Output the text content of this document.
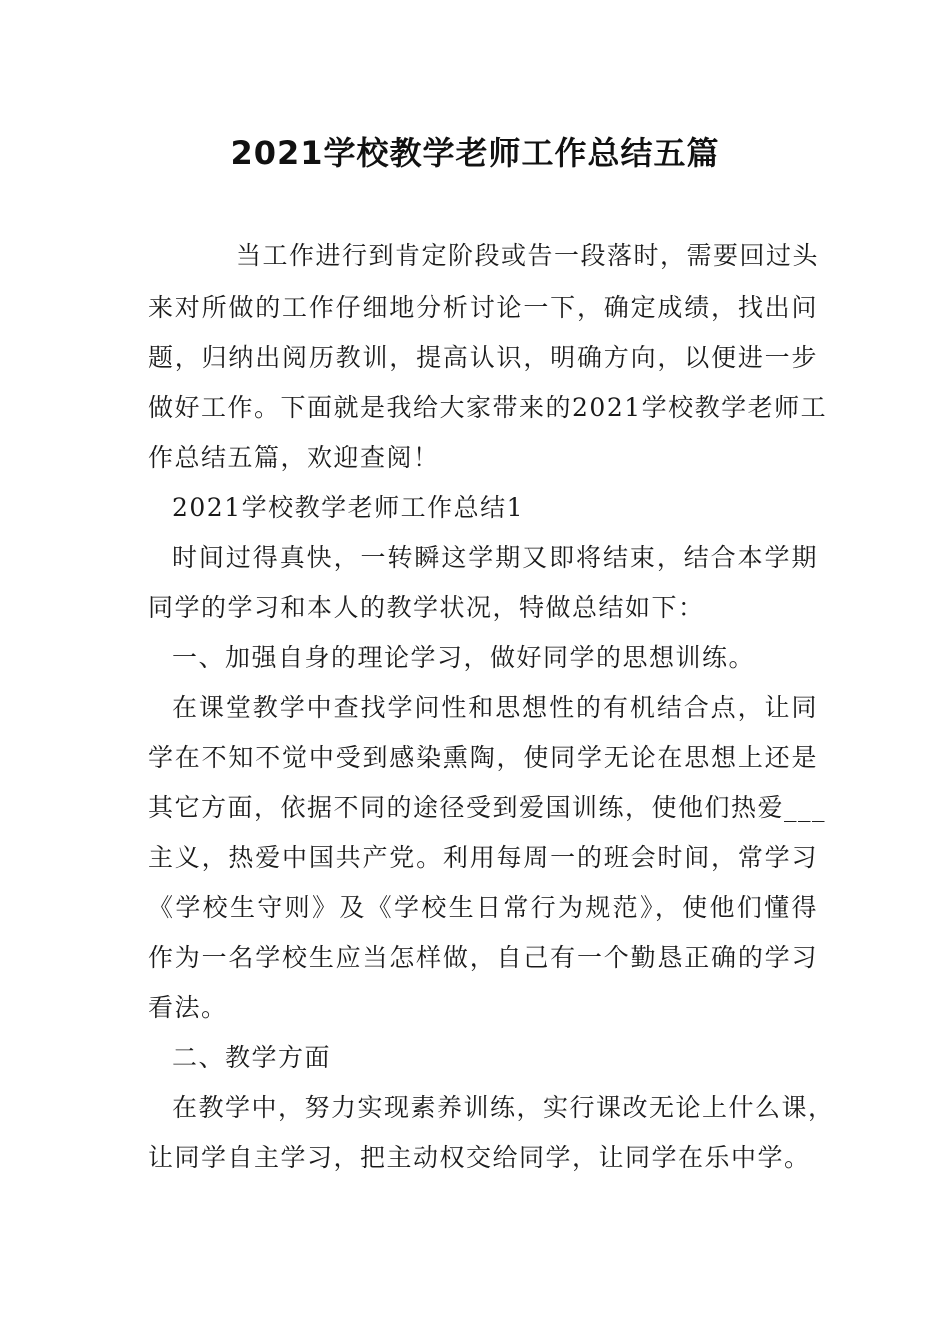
2021学校教学老师工作总结五篇
当工作进行到肯定阶段或告一段落时，需要回过头
来对所做的工作仔细地分析讨论一下，确定成绩，找出问
题，归纳出阅历教训，提高认识，明确方向，以便进一步
做好工作。下面就是我给大家带来的2021学校教学老师工
作总结五篇，欢迎查阅！
2021学校教学老师工作总结1
时间过得真快，一转瞬这学期又即将结束，结合本学期
同学的学习和本人的教学状况，特做总结如下：
一、加强自身的理论学习，做好同学的思想训练。
在课堂教学中查找学问性和思想性的有机结合点，让同
学在不知不觉中受到感染熏陶，使同学无论在思想上还是
其它方面，依据不同的途径受到爱国训练，使他们热爱___
主义，热爱中国共产党。利用每周一的班会时间，常学习
《学校生守则》及《学校生日常行为规范》，使他们懂得
作为一名学校生应当怎样做，自己有一个勤恳正确的学习
看法。
二、教学方面
在教学中，努力实现素养训练，实行课改无论上什么课，
让同学自主学习，把主动权交给同学，让同学在乐中学。
